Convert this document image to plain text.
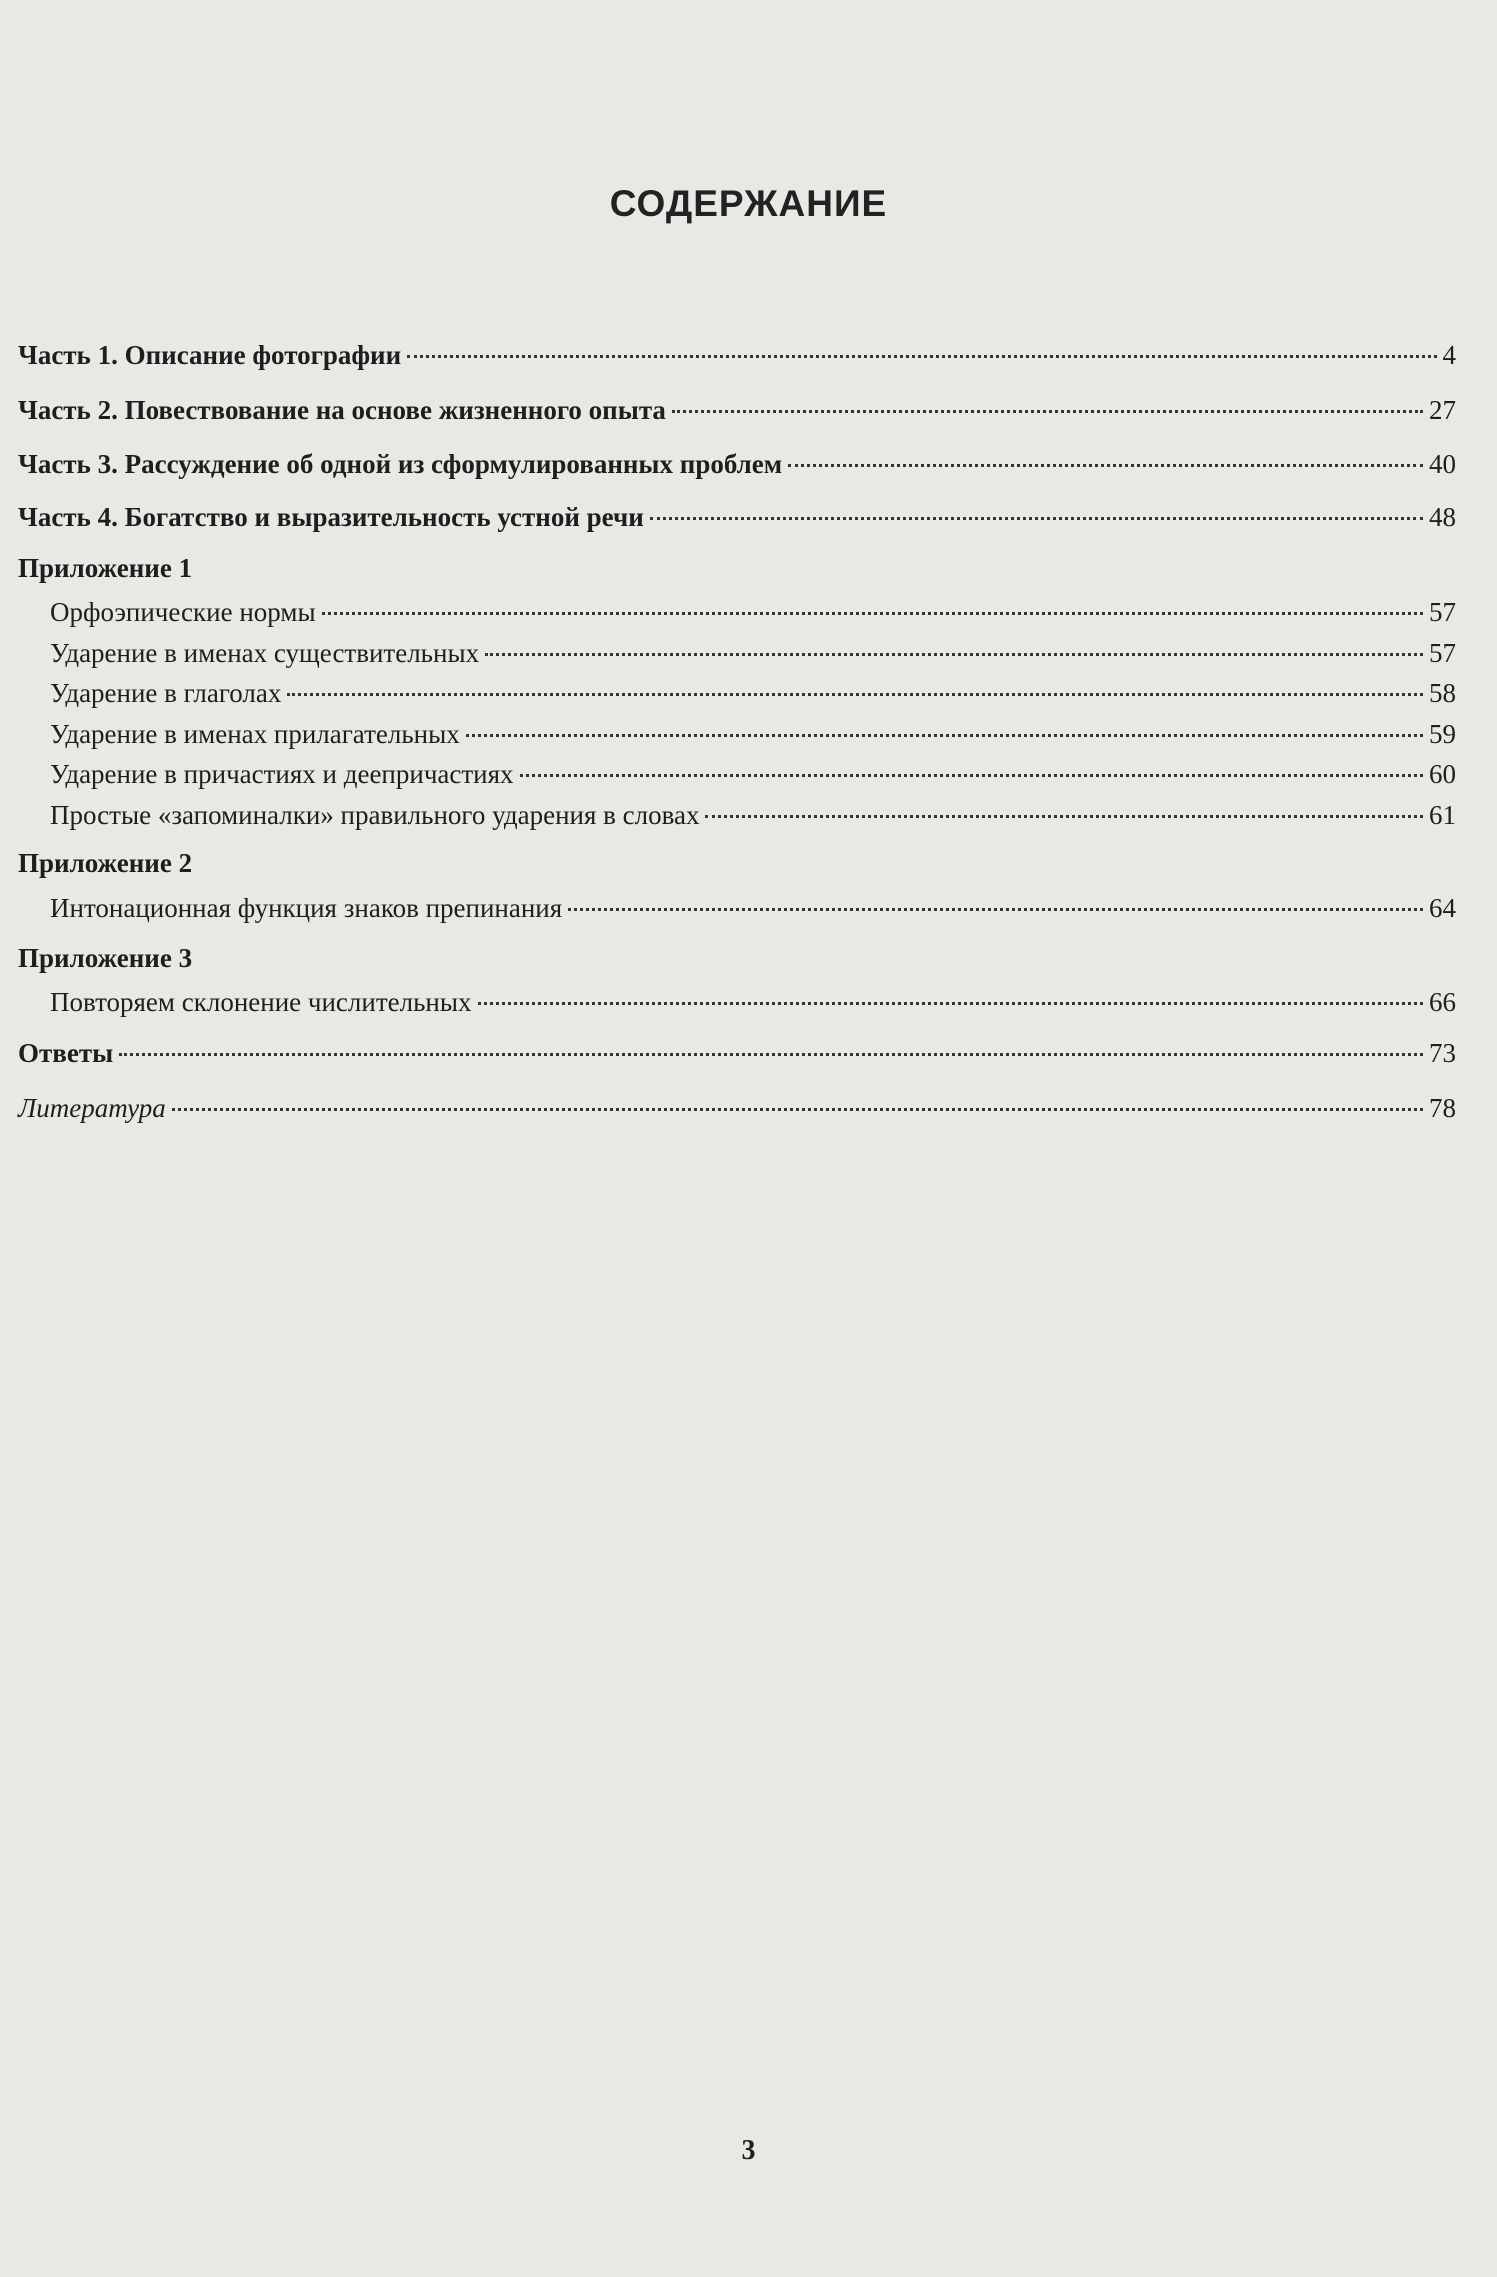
СОДЕРЖАНИЕ
Часть 1. Описание фотографии	4
Часть 2. Повествование на основе жизненного опыта	27
Часть 3. Рассуждение об одной из сформулированных проблем	40
Часть 4. Богатство и выразительность устной речи	48
Приложение 1
Орфоэпические нормы	57
Ударение в именах существительных	57
Ударение в глаголах	58
Ударение в именах прилагательных	59
Ударение в причастиях и деепричастиях	60
Простые «запоминалки» правильного ударения в словах	61
Приложение 2
Интонационная функция знаков препинания	64
Приложение 3
Повторяем склонение числительных	66
Ответы	73
Литература	78
3
